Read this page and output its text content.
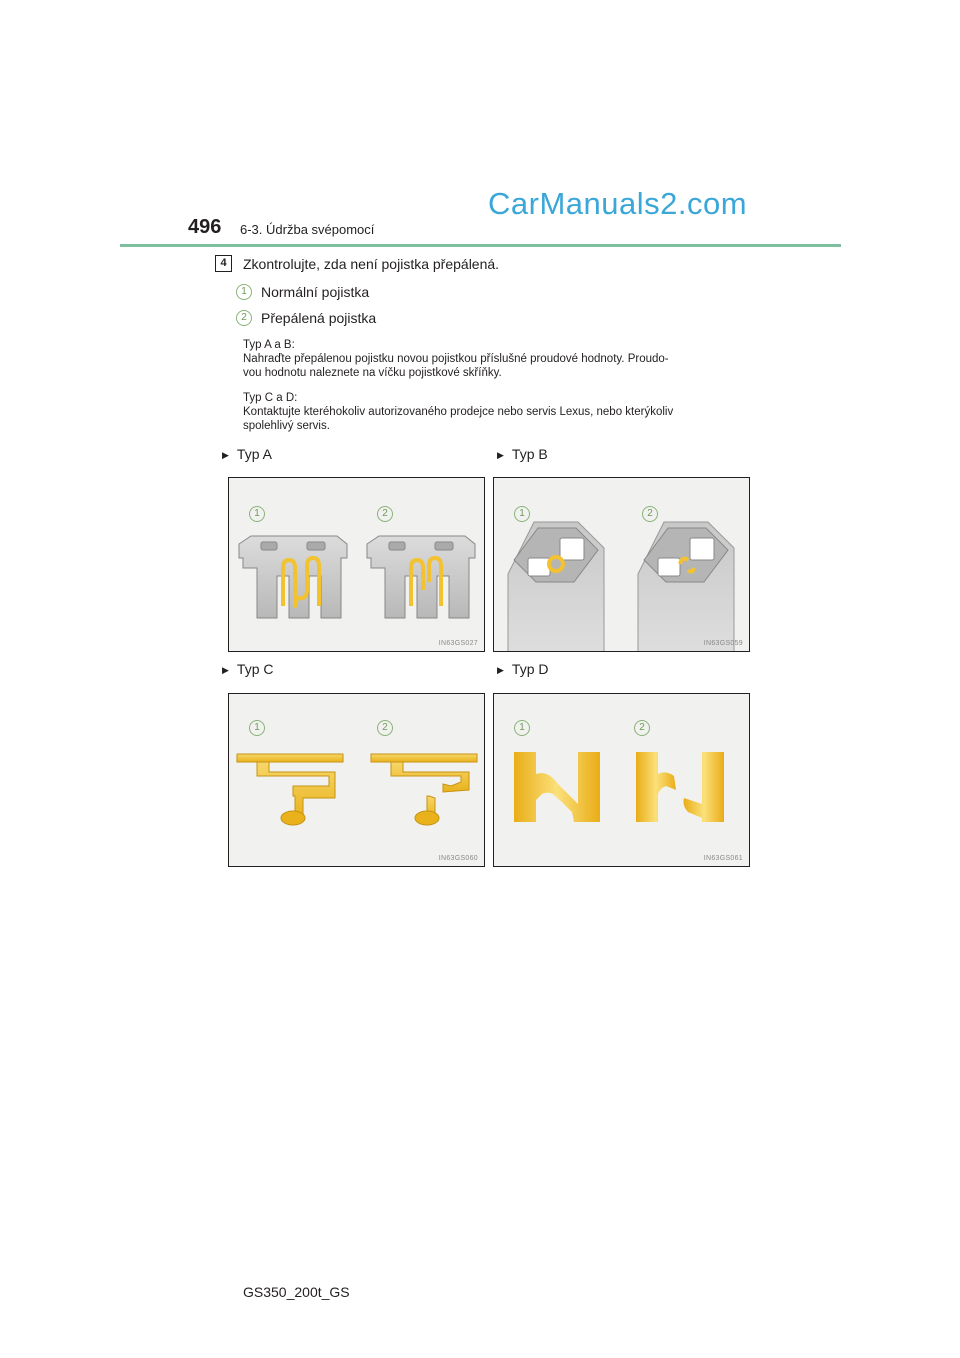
496 6-3. Údržba svépomocí
CarManuals2.com
4	Zkontrolujte, zda není pojistka přepálená.
1	Normální pojistka
2	Přepálená pojistka
Typ A a B:
Nahraďte přepálenou pojistku novou pojistkou příslušné proudové hodnoty. Proudo-
vou hodnotu naleznete na víčku pojistkové skříňky.
Typ C a D:
Kontaktujte kteréhokoliv autorizovaného prodejce nebo servis Lexus, nebo kterýkoliv
spolehlivý servis.
▶ Typ A	▶ Typ B
▶ Typ C	▶ Typ D
1	2
IN63GS027
1	2
IN63GS059
1	2
IN63GS060
1	2
IN63GS061
GS350_200t_GS
